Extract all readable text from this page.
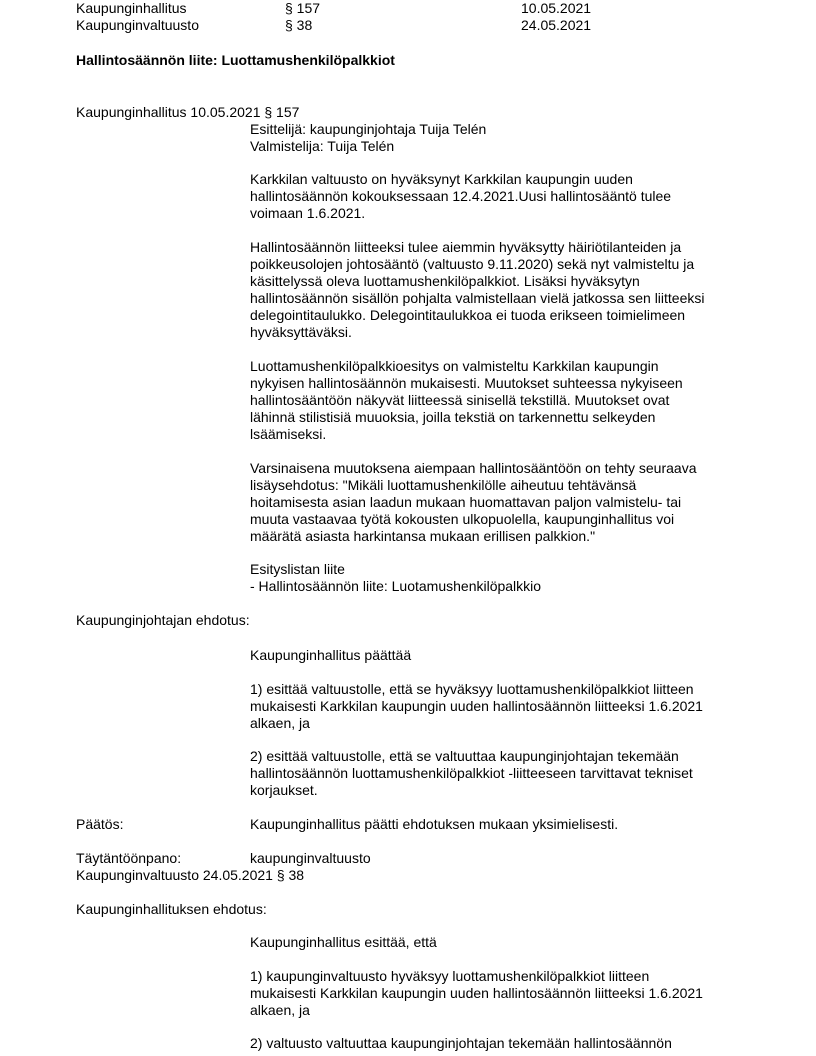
Kaupunginhallitus	§ 157	10.05.2021
Kaupunginvaltuusto	§ 38	24.05.2021
Hallintosäännön liite: Luottamushenkilöpalkkiot
Kaupunginhallitus 10.05.2021 § 157
Esittelijä: kaupunginjohtaja Tuija Telén
Valmistelija: Tuija Telén
Karkkilan valtuusto on hyväksynyt Karkkilan kaupungin uuden
hallintosäännön kokouksessaan 12.4.2021.Uusi hallintosääntö tulee
voimaan 1.6.2021.
Hallintosäännön liitteeksi tulee aiemmin hyväksytty häiriötilanteiden ja
poikkeusolojen johtosääntö (valtuusto 9.11.2020) sekä nyt valmisteltu ja
käsittelyssä oleva luottamushenkilöpalkkiot. Lisäksi hyväksytyn
hallintosäännön sisällön pohjalta valmistellaan vielä jatkossa sen liitteeksi
delegointitaulukko. Delegointitaulukkoa ei tuoda erikseen toimielimeen
hyväksyttäväksi.
Luottamushenkilöpalkkioesitys on valmisteltu Karkkilan kaupungin
nykyisen hallintosäännön mukaisesti. Muutokset suhteessa nykyiseen
hallintosääntöön näkyvät liitteessä sinisellä tekstillä. Muutokset ovat
lähinnä stilistisiä muuoksia, joilla tekstiä on tarkennettu selkeyden
lsäämiseksi.
Varsinaisena muutoksena aiempaan hallintosääntöön on tehty seuraava
lisäysehdotus: "Mikäli luottamushenkilölle aiheutuu tehtävänsä
hoitamisesta asian laadun mukaan huomattavan paljon valmistelu- tai
muuta vastaavaa työtä kokousten ulkopuolella, kaupunginhallitus voi
määrätä asiasta harkintansa mukaan erillisen palkkion."
Esityslistan liite
- Hallintosäännön liite: Luotamushenkilöpalkkio
Kaupunginjohtajan ehdotus:
Kaupunginhallitus päättää
1) esittää valtuustolle, että se hyväksyy luottamushenkilöpalkkiot liitteen
mukaisesti Karkkilan kaupungin uuden hallintosäännön liitteeksi 1.6.2021
alkaen, ja
2) esittää valtuustolle, että se valtuuttaa kaupunginjohtajan tekemään
hallintosäännön luottamushenkilöpalkkiot -liitteeseen tarvittavat tekniset
korjaukset.
Päätös:	Kaupunginhallitus päätti ehdotuksen mukaan yksimielisesti.
Täytäntöönpano:	kaupunginvaltuusto
Kaupunginvaltuusto 24.05.2021 § 38
Kaupunginhallituksen ehdotus:
Kaupunginhallitus esittää, että
1) kaupunginvaltuusto hyväksyy luottamushenkilöpalkkiot liitteen
mukaisesti Karkkilan kaupungin uuden hallintosäännön liitteeksi 1.6.2021
alkaen, ja
2) valtuusto valtuuttaa kaupunginjohtajan tekemään hallintosäännön
